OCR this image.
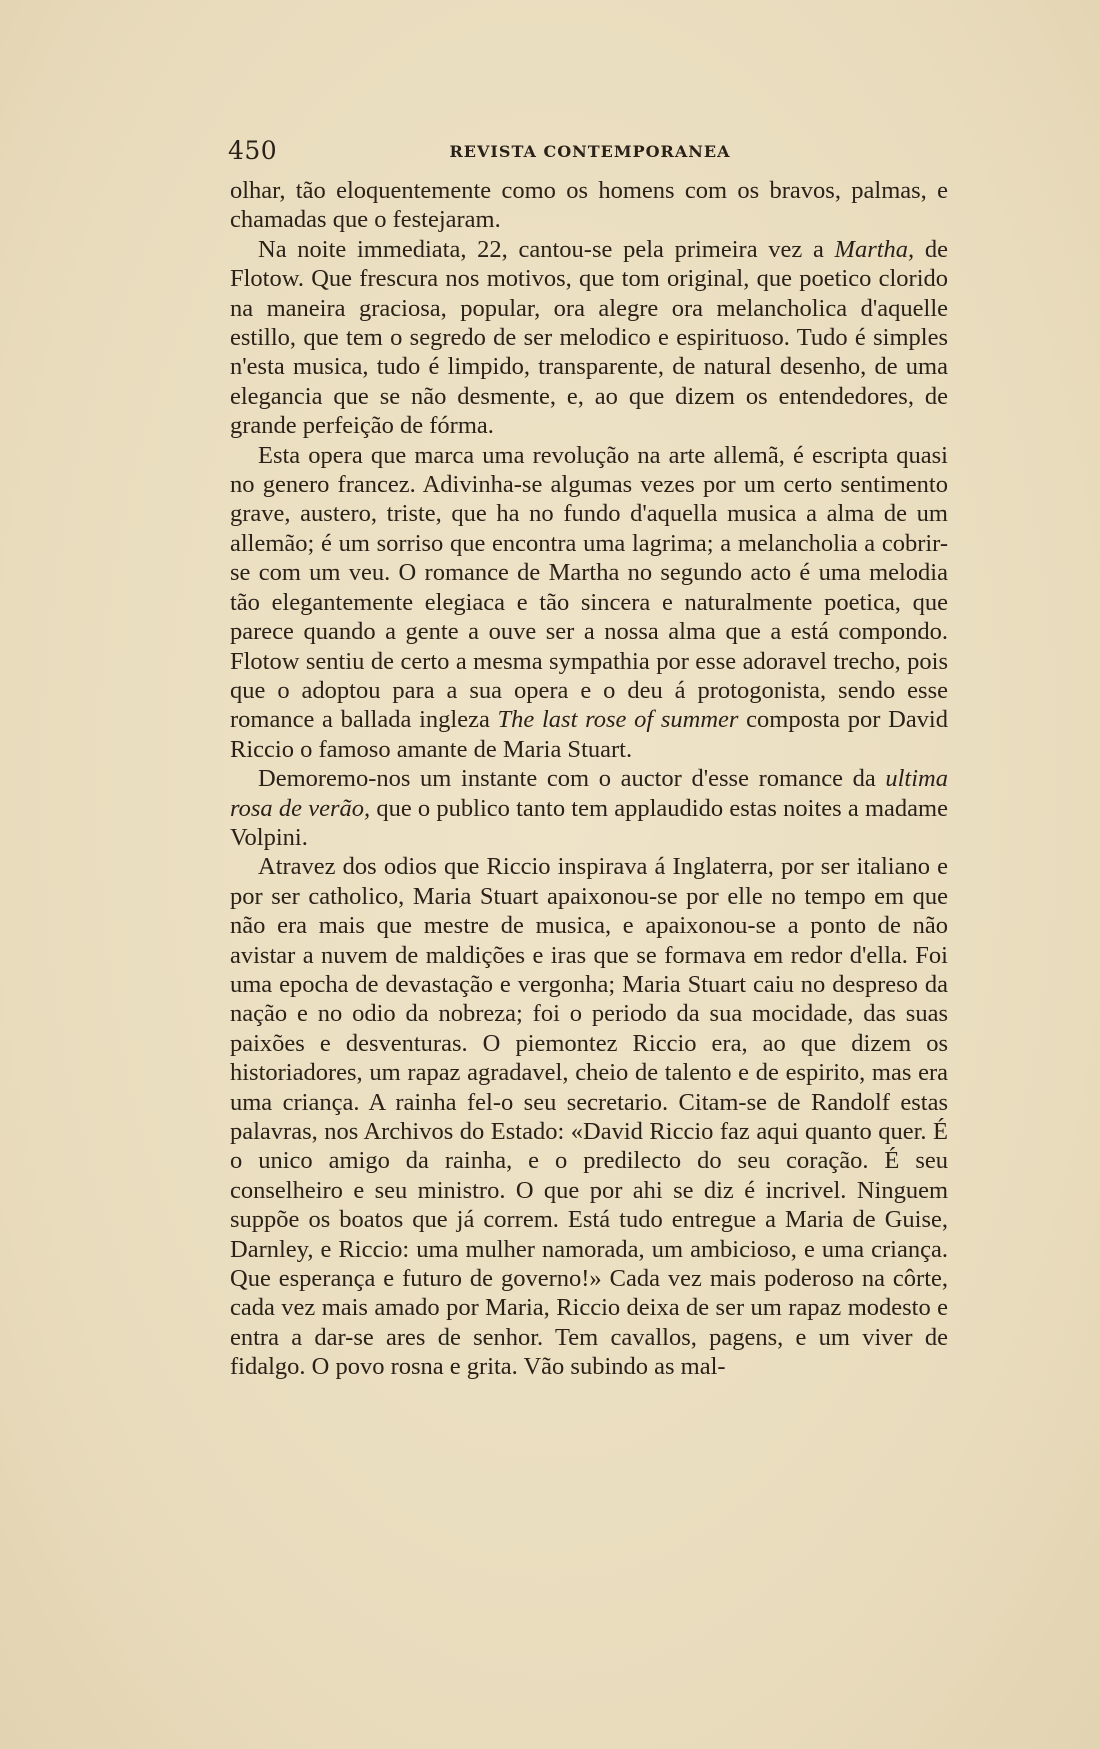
450	REVISTA CONTEMPORANEA

olhar, tão eloquentemente como os homens com os bravos, palmas, e chamadas que o festejaram.

Na noite immediata, 22, cantou-se pela primeira vez a Martha, de Flotow. Que frescura nos motivos, que tom original, que poetico clorido na maneira graciosa, popular, ora alegre ora melancholica d'aquelle estillo, que tem o segredo de ser melodico e espirituoso. Tudo é simples n'esta musica, tudo é limpido, transparente, de natural desenho, de uma elegancia que se não desmente, e, ao que dizem os entendedores, de grande perfeição de fórma.

Esta opera que marca uma revolução na arte allemã, é escripta quasi no genero francez. Adivinha-se algumas vezes por um certo sentimento grave, austero, triste, que ha no fundo d'aquella musica a alma de um allemão; é um sorriso que encontra uma lagrima; a melancholia a cobrir-se com um veu. O romance de Martha no segundo acto é uma melodia tão elegantemente elegiaca e tão sincera e naturalmente poetica, que parece quando a gente a ouve ser a nossa alma que a está compondo. Flotow sentiu de certo a mesma sympathia por esse adoravel trecho, pois que o adoptou para a sua opera e o deu á protogonista, sendo esse romance a ballada ingleza The last rose of summer composta por David Riccio o famoso amante de Maria Stuart.

Demoremo-nos um instante com o auctor d'esse romance da ultima rosa de verão, que o publico tanto tem applaudido estas noites a madame Volpini.

Atravez dos odios que Riccio inspirava á Inglaterra, por ser italiano e por ser catholico, Maria Stuart apaixonou-se por elle no tempo em que não era mais que mestre de musica, e apaixonou-se a ponto de não avistar a nuvem de maldições e iras que se formava em redor d'ella. Foi uma epocha de devastação e vergonha; Maria Stuart caiu no despreso da nação e no odio da nobreza; foi o periodo da sua mocidade, das suas paixões e desventuras. O piemontez Riccio era, ao que dizem os historiadores, um rapaz agradavel, cheio de talento e de espirito, mas era uma criança. A rainha fel-o seu secretario. Citam-se de Randolf estas palavras, nos Archivos do Estado: «David Riccio faz aqui quanto quer. É o unico amigo da rainha, e o predilecto do seu coração. É seu conselheiro e seu ministro. O que por ahi se diz é incrivel. Ninguem suppõe os boatos que já correm. Está tudo entregue a Maria de Guise, Darnley, e Riccio: uma mulher namorada, um ambicioso, e uma criança. Que esperança e futuro de governo!» Cada vez mais poderoso na côrte, cada vez mais amado por Maria, Riccio deixa de ser um rapaz modesto e entra a dar-se ares de senhor. Tem cavallos, pagens, e um viver de fidalgo. O povo rosna e grita. Vão subindo as mal-
